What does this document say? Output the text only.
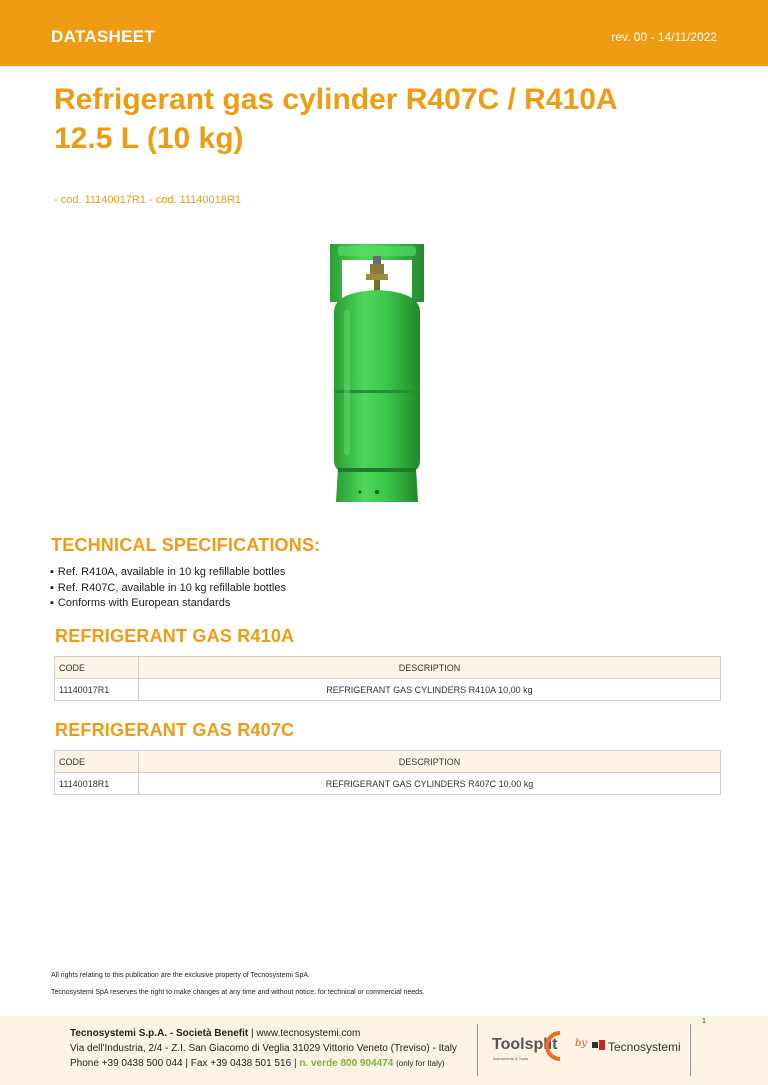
DATASHEET	rev. 00 - 14/11/2022
Refrigerant gas cylinder R407C / R410A
12.5 L (10 kg)
- cod. 11140017R1 - cod. 11140018R1
TECHNICAL SPECIFICATIONS:
▪ Ref. R410A, available in 10 kg refillable bottles
▪ Ref. R407C, available in 10 kg refillable bottles
▪ Conforms with European standards
REFRIGERANT GAS R410A
CODE	DESCRIPTION
11140017R1	REFRIGERANT GAS CYLINDERS R410A 10,00 kg
REFRIGERANT GAS R407C
CODE	DESCRIPTION
11140018R1	REFRIGERANT GAS CYLINDERS R407C 10,00 kg
All rights relating to this publication are the exclusive property of Tecnosystemi SpA.
Tecnosystemi SpA reserves the right to make changes at any time and without notice, for technical or commercial needs.
Tecnosystemi S.p.A. - Società Benefit | www.tecnosystemi.com
Via dell'Industria, 2/4 - Z.I. San Giacomo di Veglia 31029 Vittorio Veneto (Treviso) - Italy
Phone +39 0438 500 044 | Fax +39 0438 501 516 | n. verde 800 904474 (only for Italy)
Toolsplit
Instruments & Tools
by Tecnosystemi
1
